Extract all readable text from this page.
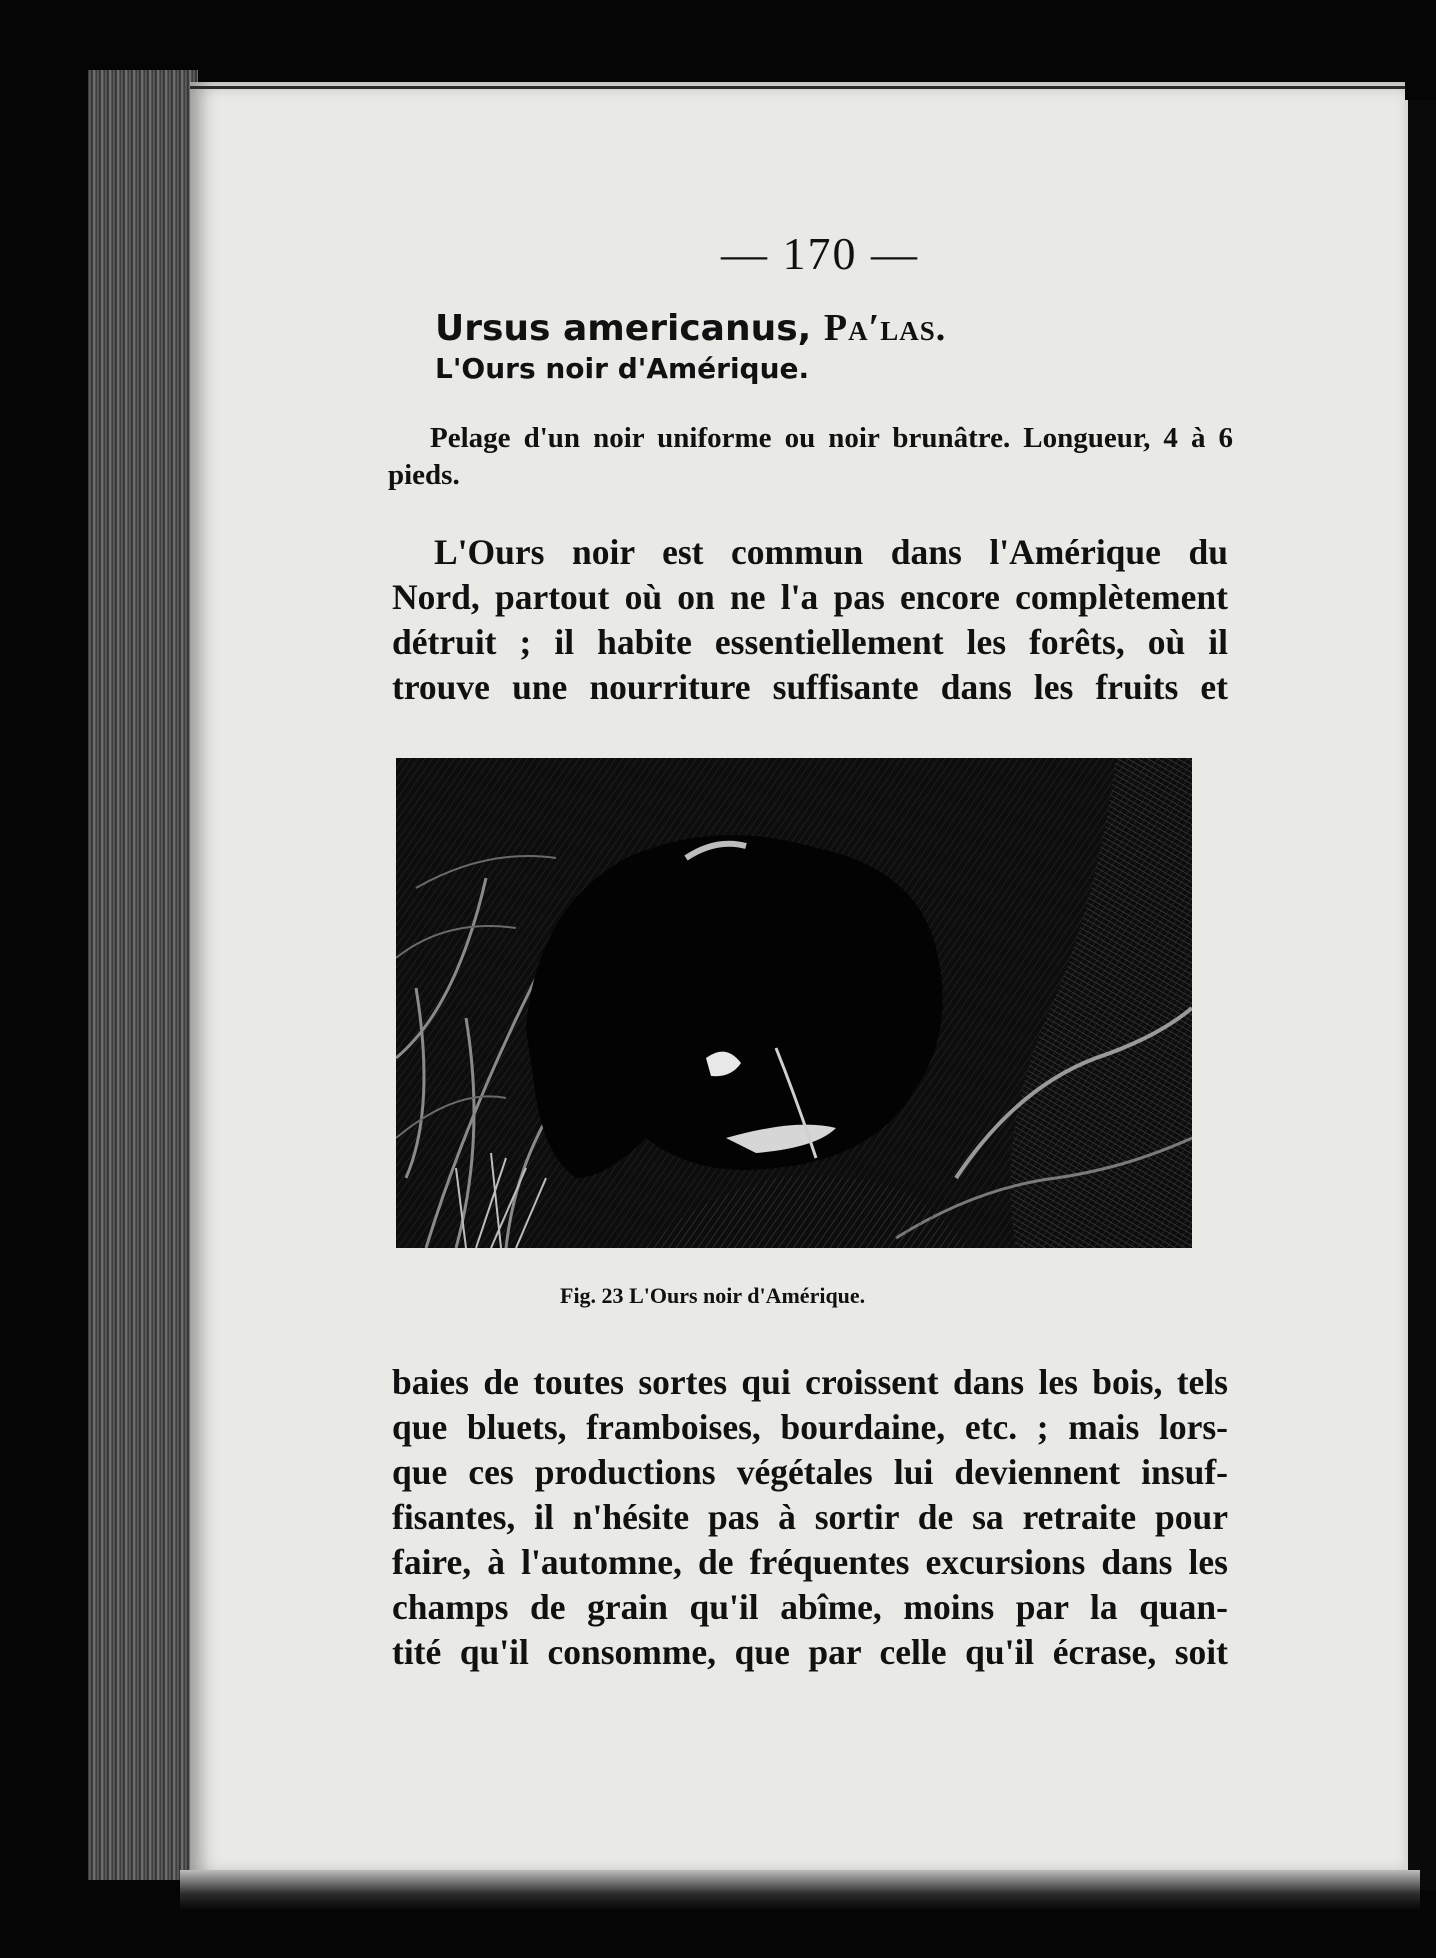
— 170 —
Ursus americanus, Pa′las.
L'Ours noir d'Amérique.
Pelage d'un noir uniforme ou noir brunâtre. Longueur, 4 à 6 pieds.
L'Ours noir est commun dans l'Amérique du
Nord, partout où on ne l'a pas encore complètement
détruit ; il habite essentiellement les forêts, où il
trouve une nourriture suffisante dans les fruits et
Fig. 23 L'Ours noir d'Amérique.
baies de toutes sortes qui croissent dans les bois, tels
que bluets, framboises, bourdaine, etc. ; mais lors-
que ces productions végétales lui deviennent insuf-
fisantes, il n'hésite pas à sortir de sa retraite pour
faire, à l'automne, de fréquentes excursions dans les
champs de grain qu'il abîme, moins par la quan-
tité qu'il consomme, que par celle qu'il écrase, soit
